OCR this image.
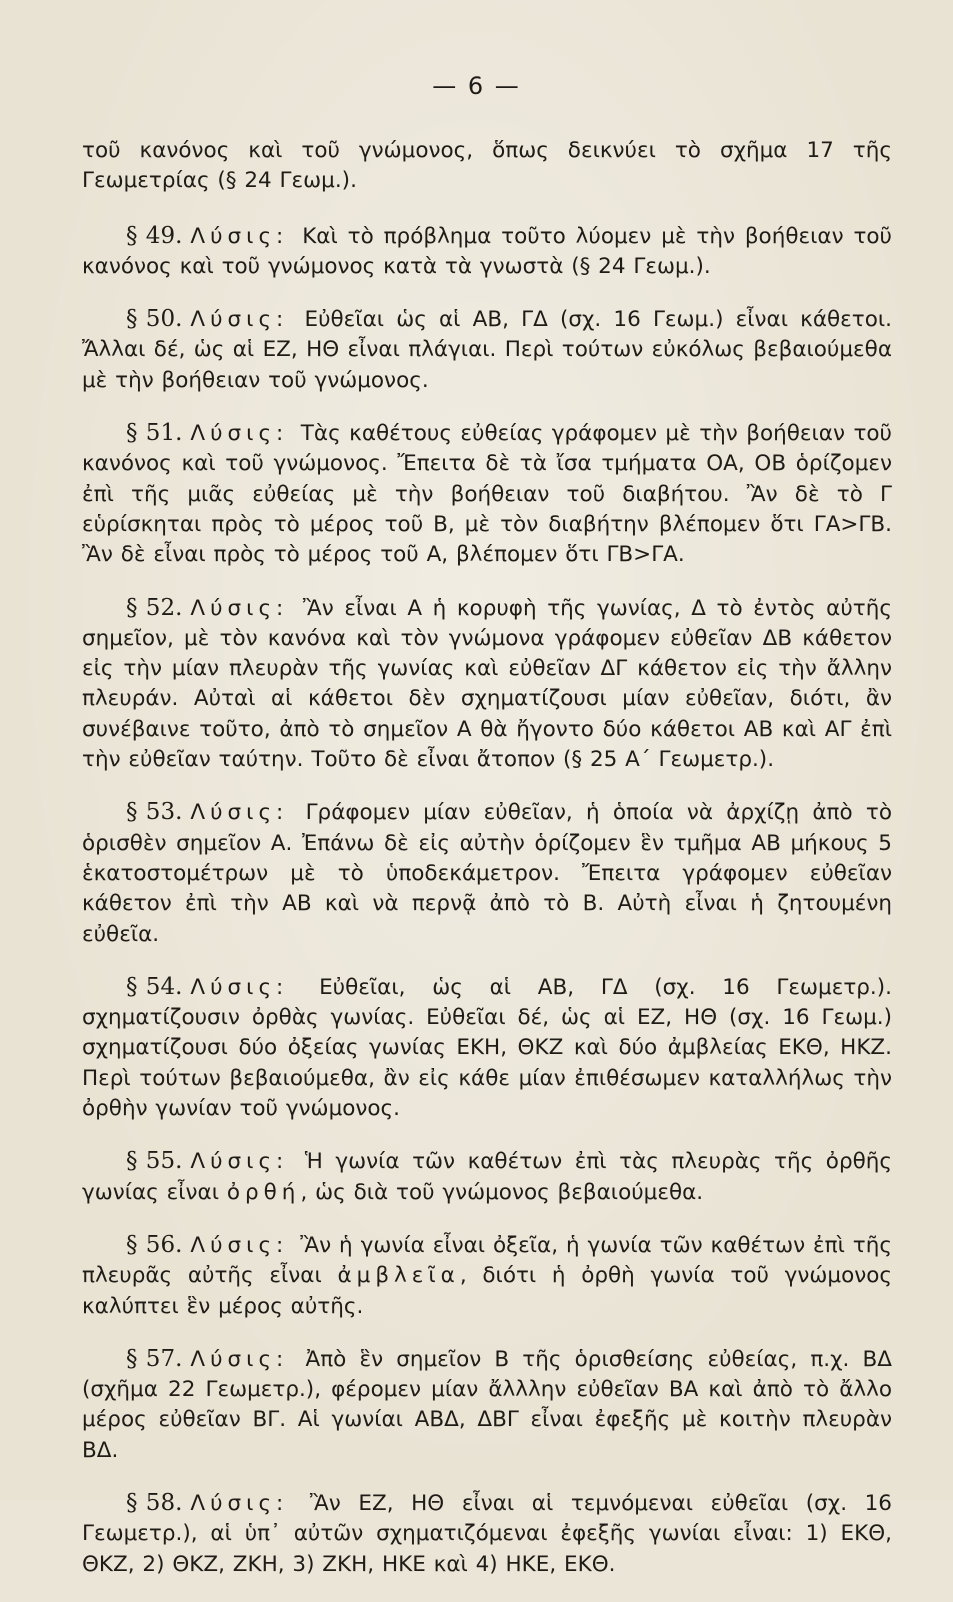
— 6 —

τοῦ κανόνος καὶ τοῦ γνώμονος, ὅπως δεικνύει τὸ σχῆμα 17 τῆς Γεωμετρίας (§ 24 Γεωμ.).

§ 49. Λύσις: Καὶ τὸ πρόβλημα τοῦτο λύομεν μὲ τὴν βοήθειαν τοῦ κανόνος καὶ τοῦ γνώμονος κατὰ τὰ γνωστὰ (§ 24 Γεωμ.).

§ 50. Λύσις: Εὐθεῖαι ὡς αἱ ΑΒ, ΓΔ (σχ. 16 Γεωμ.) εἶναι κάθετοι. Ἄλλαι δέ, ὡς αἱ ΕΖ, ΗΘ εἶναι πλάγιαι. Περὶ τούτων εὐκόλως βεβαιούμεθα μὲ τὴν βοήθειαν τοῦ γνώμονος.

§ 51. Λύσις: Τὰς καθέτους εὐθείας γράφομεν μὲ τὴν βοήθειαν τοῦ κανόνος καὶ τοῦ γνώμονος. Ἔπειτα δὲ τὰ ἴσα τμήματα ΟΑ, ΟΒ ὁρίζομεν ἐπὶ τῆς μιᾶς εὐθείας μὲ τὴν βοήθειαν τοῦ διαβήτου. Ἂν δὲ τὸ Γ εὑρίσκηται πρὸς τὸ μέρος τοῦ Β, μὲ τὸν διαβήτην βλέπομεν ὅτι ΓΑ>ΓΒ. Ἂν δὲ εἶναι πρὸς τὸ μέρος τοῦ Α, βλέπομεν ὅτι ΓΒ>ΓΑ.

§ 52. Λύσις: Ἂν εἶναι Α ἡ κορυφὴ τῆς γωνίας, Δ τὸ ἐντὸς αὐτῆς σημεῖον, μὲ τὸν κανόνα καὶ τὸν γνώμονα γράφομεν εὐθεῖαν ΔΒ κάθετον εἰς τὴν μίαν πλευρὰν τῆς γωνίας καὶ εὐθεῖαν ΔΓ κάθετον εἰς τὴν ἄλλην πλευράν. Αὐταὶ αἱ κάθετοι δὲν σχηματίζουσι μίαν εὐθεῖαν, διότι, ἂν συνέβαινε τοῦτο, ἀπὸ τὸ σημεῖον Α θὰ ἤγοντο δύο κάθετοι ΑΒ καὶ ΑΓ ἐπὶ τὴν εὐθεῖαν ταύτην. Τοῦτο δὲ εἶναι ἄτοπον (§ 25 Α´ Γεωμετρ.).

§ 53. Λύσις: Γράφομεν μίαν εὐθεῖαν, ἡ ὁποία νὰ ἀρχίζῃ ἀπὸ τὸ ὁρισθὲν σημεῖον Α. Ἐπάνω δὲ εἰς αὐτὴν ὁρίζομεν ἓν τμῆμα ΑΒ μήκους 5 ἑκατοστομέτρων μὲ τὸ ὑποδεκάμετρον. Ἔπειτα γράφομεν εὐθεῖαν κάθετον ἐπὶ τὴν ΑΒ καὶ νὰ περνᾷ ἀπὸ τὸ Β. Αὐτὴ εἶναι ἡ ζητουμένη εὐθεῖα.

§ 54. Λύσις: Εὐθεῖαι, ὡς αἱ ΑΒ, ΓΔ (σχ. 16 Γεωμετρ.). σχηματίζουσιν ὀρθὰς γωνίας. Εὐθεῖαι δέ, ὡς αἱ ΕΖ, ΗΘ (σχ. 16 Γεωμ.) σχηματίζουσι δύο ὀξείας γωνίας ΕΚΗ, ΘΚΖ καὶ δύο ἀμβλείας ΕΚΘ, ΗΚΖ. Περὶ τούτων βεβαιούμεθα, ἂν εἰς κάθε μίαν ἐπιθέσωμεν καταλλήλως τὴν ὀρθὴν γωνίαν τοῦ γνώμονος.

§ 55. Λύσις: Ἡ γωνία τῶν καθέτων ἐπὶ τὰς πλευρὰς τῆς ὀρθῆς γωνίας εἶναι ὀρθή, ὡς διὰ τοῦ γνώμονος βεβαιούμεθα.

§ 56. Λύσις: Ἂν ἡ γωνία εἶναι ὀξεῖα, ἡ γωνία τῶν καθέτων ἐπὶ τῆς πλευρᾶς αὐτῆς εἶναι ἀμβλεῖα, διότι ἡ ὀρθὴ γωνία τοῦ γνώμονος καλύπτει ἓν μέρος αὐτῆς.

§ 57. Λύσις: Ἀπὸ ἓν σημεῖον Β τῆς ὁρισθείσης εὐθείας, π.χ. ΒΔ (σχῆμα 22 Γεωμετρ.), φέρομεν μίαν ἄλλλην εὐθεῖαν ΒΑ καὶ ἀπὸ τὸ ἄλλο μέρος εὐθεῖαν ΒΓ. Αἱ γωνίαι ΑΒΔ, ΔΒΓ εἶναι ἐφεξῆς μὲ κοιτὴν πλευρὰν ΒΔ.

§ 58. Λύσις: Ἂν ΕΖ, ΗΘ εἶναι αἱ τεμνόμεναι εὐθεῖαι (σχ. 16 Γεωμετρ.), αἱ ὑπ᾿ αὐτῶν σχηματιζόμεναι ἐφεξῆς γωνίαι εἶναι: 1) ΕΚΘ, ΘΚΖ, 2) ΘΚΖ, ΖΚΗ, 3) ΖΚΗ, ΗΚΕ καὶ 4) ΗΚΕ, ΕΚΘ.
